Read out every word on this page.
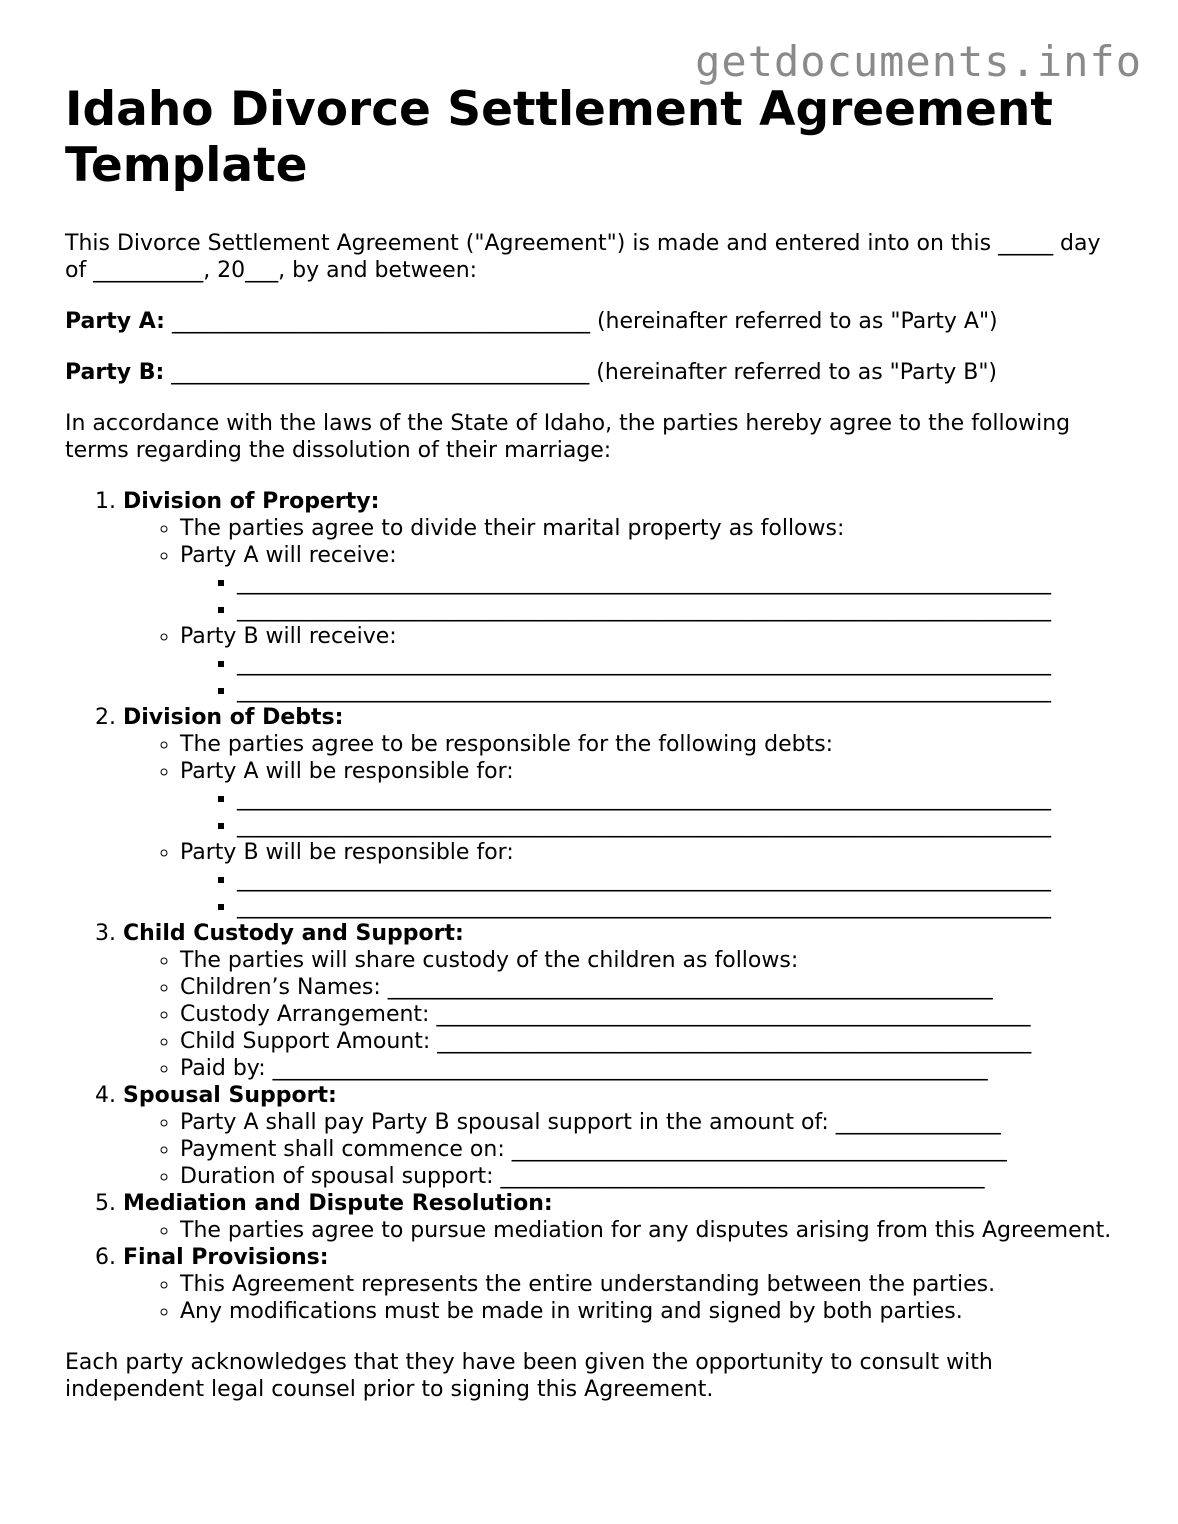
getdocuments.info
Idaho Divorce Settlement Agreement Template

This Divorce Settlement Agreement ("Agreement") is made and entered into on this _____ day of __________, 20___, by and between:

Party A: ______________________________________ (hereinafter referred to as "Party A")

Party B: ______________________________________ (hereinafter referred to as "Party B")

In accordance with the laws of the State of Idaho, the parties hereby agree to the following terms regarding the dissolution of their marriage:

1. Division of Property:
◦ The parties agree to divide their marital property as follows:
◦ Party A will receive:
▪ __________________________________________________________________________
▪ __________________________________________________________________________
◦ Party B will receive:
▪ __________________________________________________________________________
▪ __________________________________________________________________________
2. Division of Debts:
◦ The parties agree to be responsible for the following debts:
◦ Party A will be responsible for:
▪ __________________________________________________________________________
▪ __________________________________________________________________________
◦ Party B will be responsible for:
▪ __________________________________________________________________________
▪ __________________________________________________________________________
3. Child Custody and Support:
◦ The parties will share custody of the children as follows:
◦ Children’s Names: _______________________________________________________
◦ Custody Arrangement: ______________________________________________________
◦ Child Support Amount: ______________________________________________________
◦ Paid by: _________________________________________________________________
4. Spousal Support:
◦ Party A shall pay Party B spousal support in the amount of: _______________
◦ Payment shall commence on: _____________________________________________
◦ Duration of spousal support: ____________________________________________
5. Mediation and Dispute Resolution:
◦ The parties agree to pursue mediation for any disputes arising from this Agreement.
6. Final Provisions:
◦ This Agreement represents the entire understanding between the parties.
◦ Any modifications must be made in writing and signed by both parties.

Each party acknowledges that they have been given the opportunity to consult with independent legal counsel prior to signing this Agreement.
